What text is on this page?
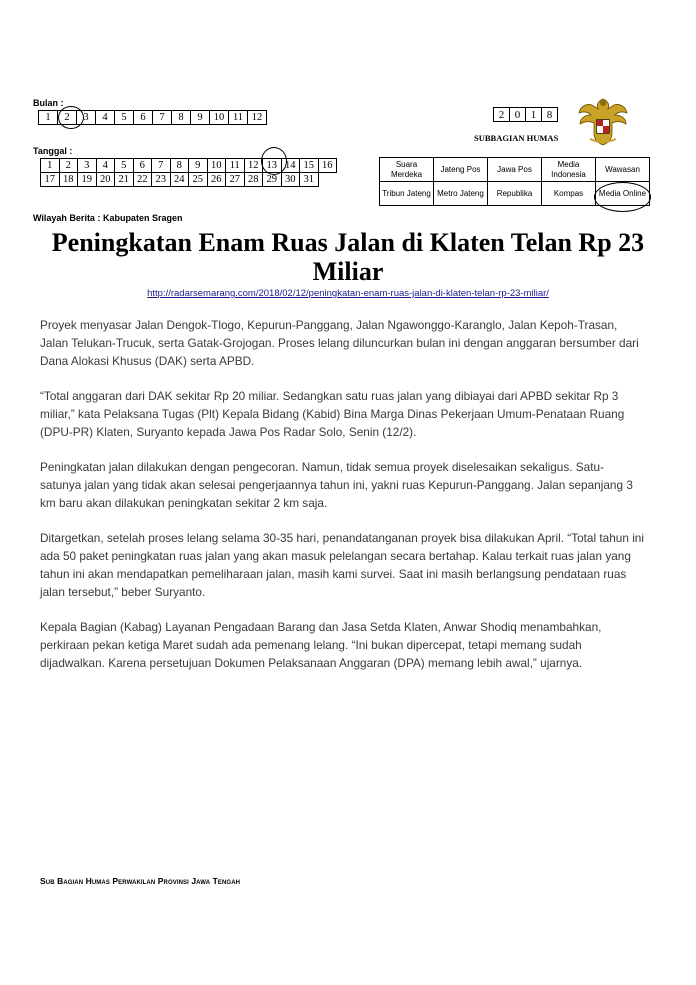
Bulan :
1	2	3	4	5	6	7	8	9	10	11	12
Tanggal :
1	2	3	4	5	6	7	8	9	10	11	12	13	14	15	16
17	18	19	20	21	22	23	24	25	26	27	28	29	30	31	
2	0	1	8
SUBBAGIAN HUMAS
Suara Merdeka	Jateng Pos	Jawa Pos	Media Indonesia	Wawasan
Tribun Jateng	Metro Jateng	Republika	Kompas	Media Online
Wilayah Berita : Kabupaten Sragen
Peningkatan Enam Ruas Jalan di Klaten Telan Rp 23 Miliar
http://radarsemarang.com/2018/02/12/peningkatan-enam-ruas-jalan-di-klaten-telan-rp-23-miliar/

Proyek menyasar Jalan Dengok-Tlogo, Kepurun-Panggang, Jalan Ngawonggo-Karanglo, Jalan Kepoh-Trasan, Jalan Telukan-Trucuk, serta Gatak-Grojogan. Proses lelang diluncurkan bulan ini dengan anggaran bersumber dari Dana Alokasi Khusus (DAK) serta APBD.

“Total anggaran dari DAK sekitar Rp 20 miliar. Sedangkan satu ruas jalan yang dibiayai dari APBD sekitar Rp 3 miliar,” kata Pelaksana Tugas (Plt) Kepala Bidang (Kabid) Bina Marga Dinas Pekerjaan Umum-Penataan Ruang (DPU-PR) Klaten, Suryanto kepada Jawa Pos Radar Solo, Senin (12/2).

Peningkatan jalan dilakukan dengan pengecoran. Namun, tidak semua proyek diselesaikan sekaligus. Satu-satunya jalan yang tidak akan selesai pengerjaannya tahun ini, yakni ruas Kepurun-Panggang. Jalan sepanjang 3 km baru akan dilakukan peningkatan sekitar 2 km saja.

Ditargetkan, setelah proses lelang selama 30-35 hari, penandatanganan proyek bisa dilakukan April. “Total tahun ini ada 50 paket peningkatan ruas jalan yang akan masuk pelelangan secara bertahap. Kalau terkait ruas jalan yang tahun ini akan mendapatkan pemeliharaan jalan, masih kami survei. Saat ini masih berlangsung pendataan ruas jalan tersebut,” beber Suryanto.

Kepala Bagian (Kabag) Layanan Pengadaan Barang dan Jasa Setda Klaten, Anwar Shodiq menambahkan, perkiraan pekan ketiga Maret sudah ada pemenang lelang. “Ini bukan dipercepat, tetapi memang sudah dijadwalkan. Karena persetujuan Dokumen Pelaksanaan Anggaran (DPA) memang lebih awal,” ujarnya.

Sub Bagian Humas Perwakilan Provinsi Jawa Tengah
